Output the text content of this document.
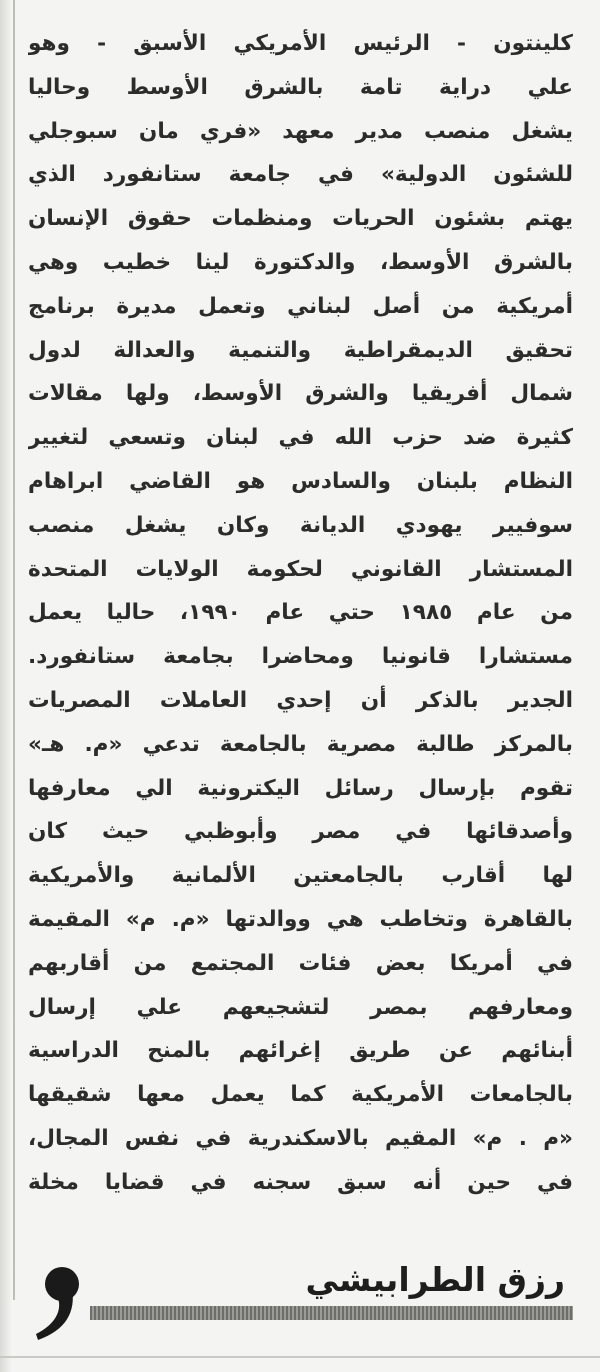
كلينتون - الرئيس الأمريكي الأسبق - وهو
علي دراية تامة بالشرق الأوسط وحاليا
يشغل منصب مدير معهد «فري مان سبوجلي
للشئون الدولية» في جامعة ستانفورد الذي
يهتم بشئون الحريات ومنظمات حقوق الإنسان
بالشرق الأوسط، والدكتورة لينا خطيب وهي
أمريكية من أصل لبناني وتعمل مديرة برنامج
تحقيق الديمقراطية والتنمية والعدالة لدول
شمال أفريقيا والشرق الأوسط، ولها مقالات
كثيرة ضد حزب الله في لبنان وتسعي لتغيير
النظام بلبنان والسادس هو القاضي ابراهام
سوفيير يهودي الديانة وكان يشغل منصب
المستشار القانوني لحكومة الولايات المتحدة
من عام ١٩٨٥ حتي عام ١٩٩٠، حاليا يعمل
مستشارا قانونيا ومحاضرا بجامعة ستانفورد.
الجدير بالذكر أن إحدي العاملات المصريات
بالمركز طالبة مصرية بالجامعة تدعي «م. هـ»
تقوم بإرسال رسائل اليكترونية الي معارفها
وأصدقائها في مصر وأبوظبي حيث كان
لها أقارب بالجامعتين الألمانية والأمريكية
بالقاهرة وتخاطب هي ووالدتها «م. م» المقيمة
في أمريكا بعض فئات المجتمع من أقاربهم
ومعارفهم بمصر لتشجيعهم علي إرسال
أبنائهم عن طريق إغرائهم بالمنح الدراسية
بالجامعات الأمريكية كما يعمل معها شقيقها
«م . م» المقيم بالاسكندرية في نفس المجال،
في حين أنه سبق سجنه في قضايا مخلة
رزق الطرابيشي
